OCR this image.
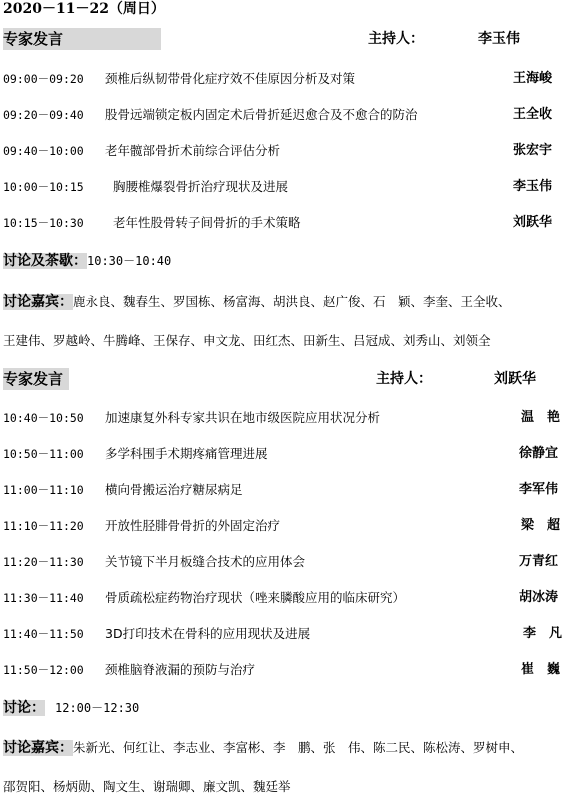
2020－11－22（周日）
专家发言	主持人：	李玉伟
09:00－09:20 颈椎后纵韧带骨化症疗效不佳原因分析及对策	王海峻
09:20－09:40 股骨远端锁定板内固定术后骨折延迟愈合及不愈合的防治	王全收
09:40－10:00 老年髋部骨折术前综合评估分析	张宏宇
10:00－10:15 胸腰椎爆裂骨折治疗现状及进展	李玉伟
10:15－10:30 老年性股骨转子间骨折的手术策略	刘跃华
讨论及茶歇：10:30－10:40
讨论嘉宾：鹿永良、魏春生、罗国栋、杨富海、胡洪良、赵广俊、石　颖、李奎、王全收、
王建伟、罗越岭、牛腾峰、王保存、申文龙、田红杰、田新生、吕冠成、刘秀山、刘领全
专家发言	主持人：	刘跃华
10:40－10:50 加速康复外科专家共识在地市级医院应用状况分析	温　艳
10:50－11:00 多学科围手术期疼痛管理进展	徐静宜
11:00－11:10 横向骨搬运治疗糖尿病足	李军伟
11:10－11:20 开放性胫腓骨骨折的外固定治疗	梁　超
11:20－11:30 关节镜下半月板缝合技术的应用体会	万青红
11:30－11:40 骨质疏松症药物治疗现状（唑来膦酸应用的临床研究）	胡冰涛
11:40－11:50 3D打印技术在骨科的应用现状及进展	李　凡
11:50－12:00 颈椎脑脊液漏的预防与治疗	崔　巍
讨论： 12:00－12:30
讨论嘉宾：朱新光、何红让、李志业、李富彬、李　鹏、张　伟、陈二民、陈松涛、罗树申、
邵贺阳、杨炳勋、陶文生、谢瑞卿、廉文凯、魏廷举
